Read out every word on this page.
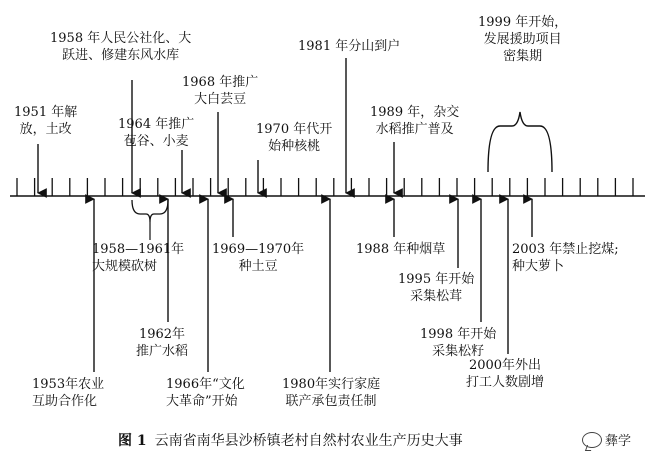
1951 年解
放，土改
1958 年人民公社化、大
跃进、修建东风水库
1964 年推广
苞谷、小麦
1968 年推广
大白芸豆
1970 年代开
始种核桃
1981 年分山到户
1989 年，杂交
水稻推广普及
1999 年开始，
发展援助项目
密集期
1953年农业
互助合作化
1958—1961年
大规模砍树
1962年
推广水稻
1966年“文化
大革命”开始
1969—1970年
种土豆
1980年实行家庭
联产承包责任制
1988 年种烟草
1995 年开始
采集松茸
1998 年开始
采集松籽
2000年外出
打工人数剧增
2003 年禁止挖煤;
种大萝卜
图 1 云南省南华县沙桥镇老村自然村农业生产历史大事	彝学
